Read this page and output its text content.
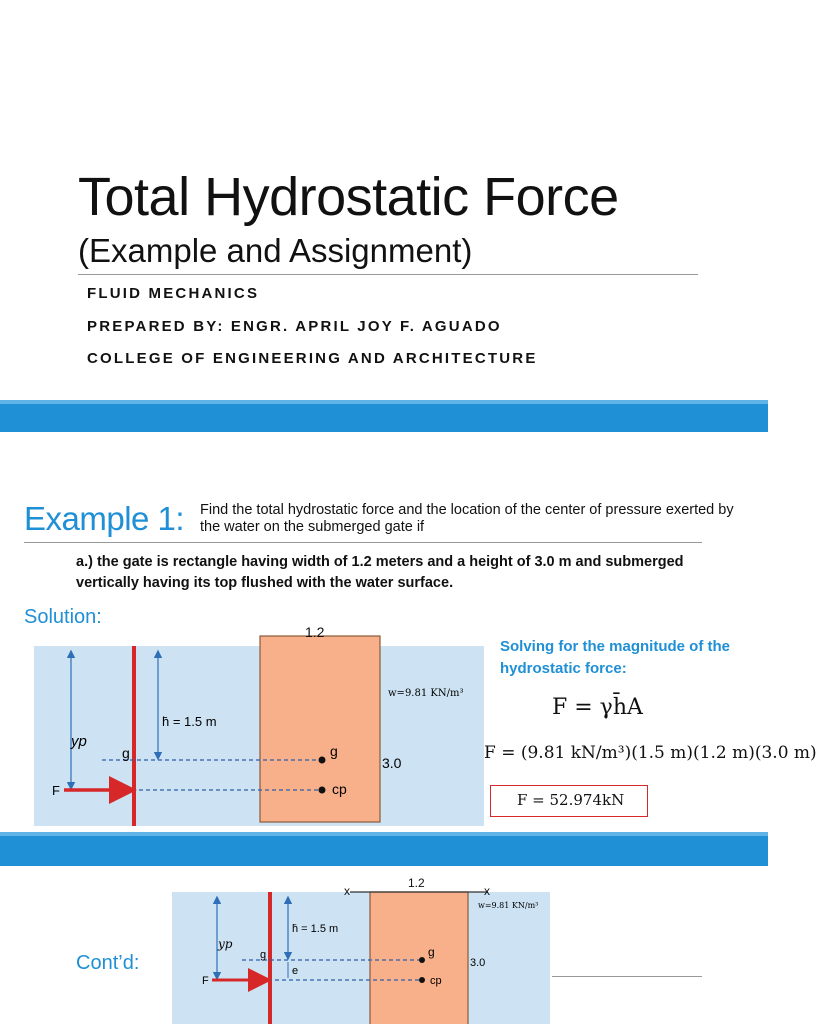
Total Hydrostatic Force
(Example and Assignment)
FLUID MECHANICS
PREPARED BY: ENGR. APRIL JOY F. AGUADO
COLLEGE OF ENGINEERING AND ARCHITECTURE
Example 1: Find the total hydrostatic force and the location of the center of pressure exerted by the water on the submerged gate if
a.) the gate is rectangle having width of 1.2 meters and a height of 3.0 m and submerged vertically having its top flushed with the water surface.
Solution:
yp
F
g
h̄ = 1.5 m
g
cp
3.0
w=9.81 KN/m³
1.2
Solving for the magnitude of the hydrostatic force:
F = γh̄A
F = (9.81 kN/m³)(1.5 m)(1.2 m)(3.0 m)
F = 52.974kN
yp
F
g
h̄ = 1.5 m
e
g
cp
3.0
w=9.81 KN/m³
1.2
x	x
Cont’d:
